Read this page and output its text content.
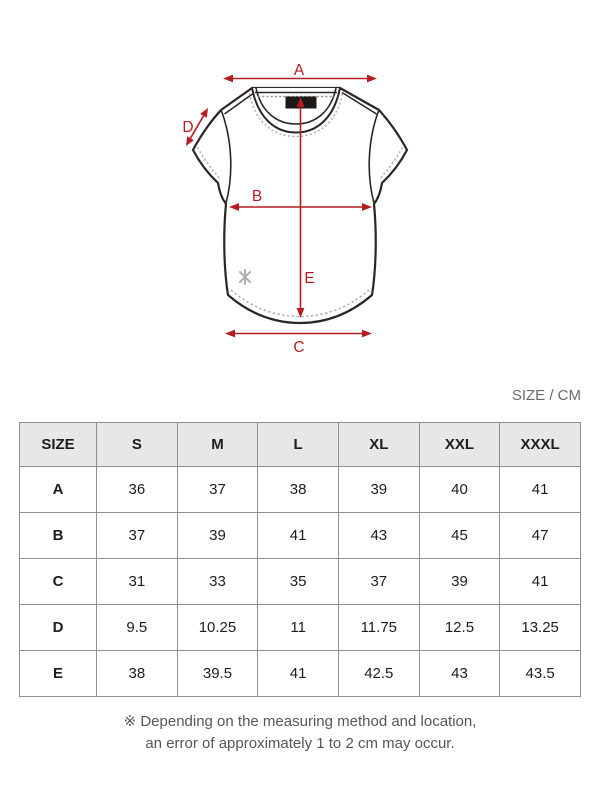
A
B
C
D
E
SIZE / CM
SIZE	S	M	L	XL	XXL	XXXL
A	36	37	38	39	40	41
B	37	39	41	43	45	47
C	31	33	35	37	39	41
D	9.5	10.25	11	11.75	12.5	13.25
E	38	39.5	41	42.5	43	43.5
※ Depending on the measuring method and location,
an error of approximately 1 to 2 cm may occur.
